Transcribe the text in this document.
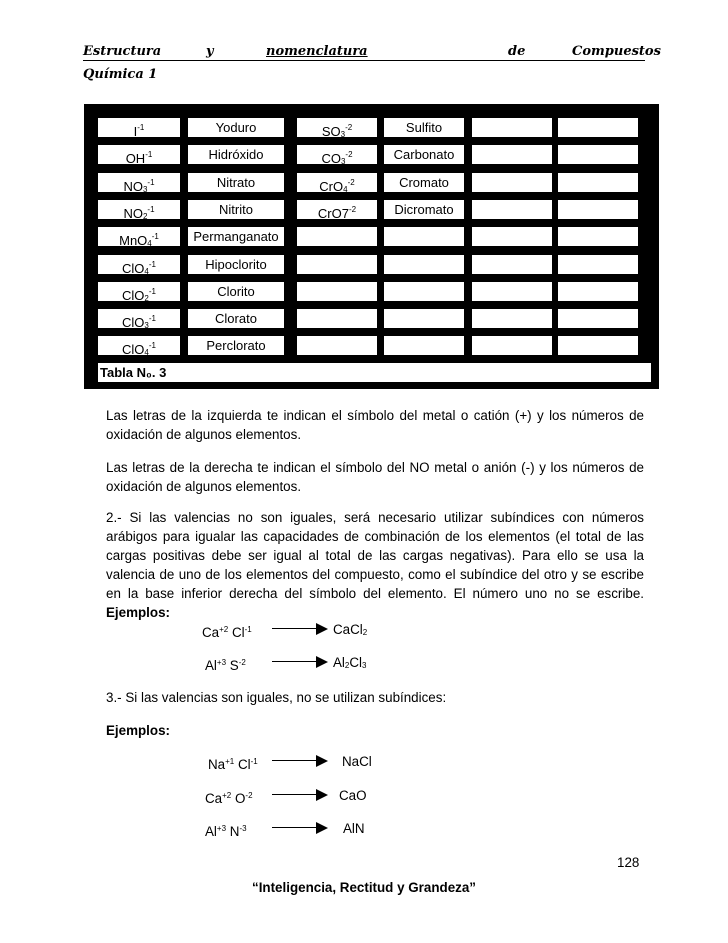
Estructura	y	nomenclatura	de	Compuestos
Química 1
$I^{-1}$	Yoduro	$SO_3^{-2}$	Sulfito
$OH^{-1}$	Hidróxido	$CO_3^{-2}$	Carbonato
$NO_3^{-1}$	Nitrato	CrO$_4^{-2}$	Cromato
$NO_2^{-1}$	Nitrito	$CrO7^{-2}$	Dicromato
MnO$_4^{-1}$	Permanganato
ClO$_4^{-1}$	Hipoclorito
ClO$_2^{-1}$	Clorito
ClO$_3^{-1}$	Clorato
ClO$_4^{-1}$	Perclorato
Tabla N₀. 3
Las letras de la izquierda te indican el símbolo del metal o catión (+) y los números de oxidación de algunos elementos.
Las letras de la derecha te indican el símbolo del NO metal o anión (-) y los números de oxidación de algunos elementos.
2.- Si las valencias no son iguales, será necesario utilizar subíndices con números arábigos para igualar las capacidades de combinación de los elementos (el total de las cargas positivas debe ser igual al total de las cargas negativas). Para ello se usa la valencia de uno de los elementos del compuesto, como el subíndice del otro y se escribe en la base inferior derecha del símbolo del elemento. El número uno no se escribe. Ejemplos:
3.- Si las valencias son iguales, no se utilizan subíndices:
Ejemplos:
$Ca^{+2}$ $Cl^{-1}$	CaCl$_2$
$Al^{+3}$ $S^{-2}$	$Al_2Cl_3$
$Na^{+1}$ $Cl^{-1}$	NaCl
$Ca^{+2}$ $O^{-2}$	CaO
$Al^{+3}$ $N^{-3}$	AlN
128
“Inteligencia, Rectitud y Grandeza”
